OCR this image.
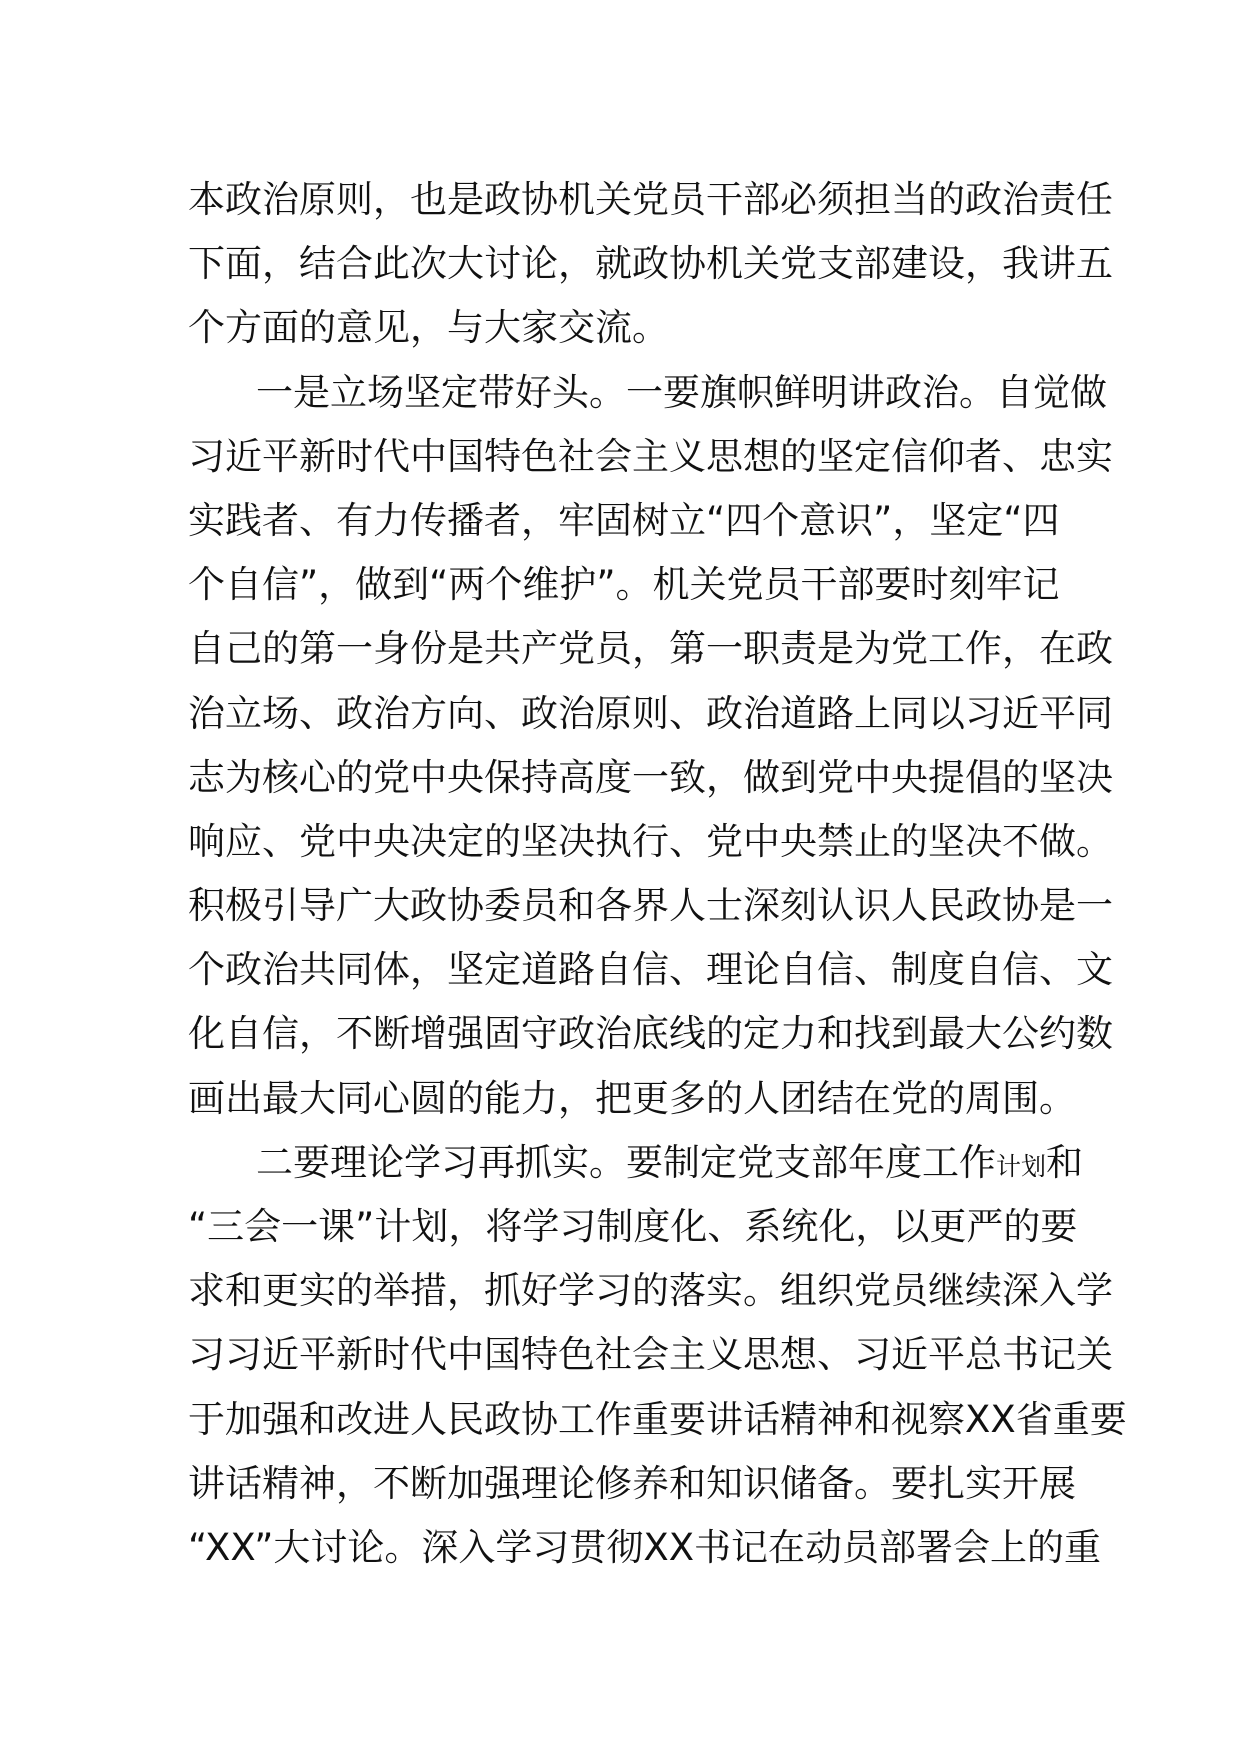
本政治原则，也是政协机关党员干部必须担当的政治责任
下面，结合此次大讨论，就政协机关党支部建设，我讲五
个方面的意见，与大家交流。
一是立场坚定带好头。一要旗帜鲜明讲政治。自觉做
习近平新时代中国特色社会主义思想的坚定信仰者、忠实
实践者、有力传播者，牢固树立“四个意识”，坚定“四
个自信”，做到“两个维护”。机关党员干部要时刻牢记
自己的第一身份是共产党员，第一职责是为党工作，在政
治立场、政治方向、政治原则、政治道路上同以习近平同
志为核心的党中央保持高度一致，做到党中央提倡的坚决
响应、党中央决定的坚决执行、党中央禁止的坚决不做。
积极引导广大政协委员和各界人士深刻认识人民政协是一
个政治共同体，坚定道路自信、理论自信、制度自信、文
化自信，不断增强固守政治底线的定力和找到最大公约数
画出最大同心圆的能力，把更多的人团结在党的周围。
二要理论学习再抓实。要制定党支部年度工作计划和
“三会一课”计划，将学习制度化、系统化，以更严的要
求和更实的举措，抓好学习的落实。组织党员继续深入学
习习近平新时代中国特色社会主义思想、习近平总书记关
于加强和改进人民政协工作重要讲话精神和视察XX省重要
讲话精神，不断加强理论修养和知识储备。要扎实开展
“XX”大讨论。深入学习贯彻XX书记在动员部署会上的重
